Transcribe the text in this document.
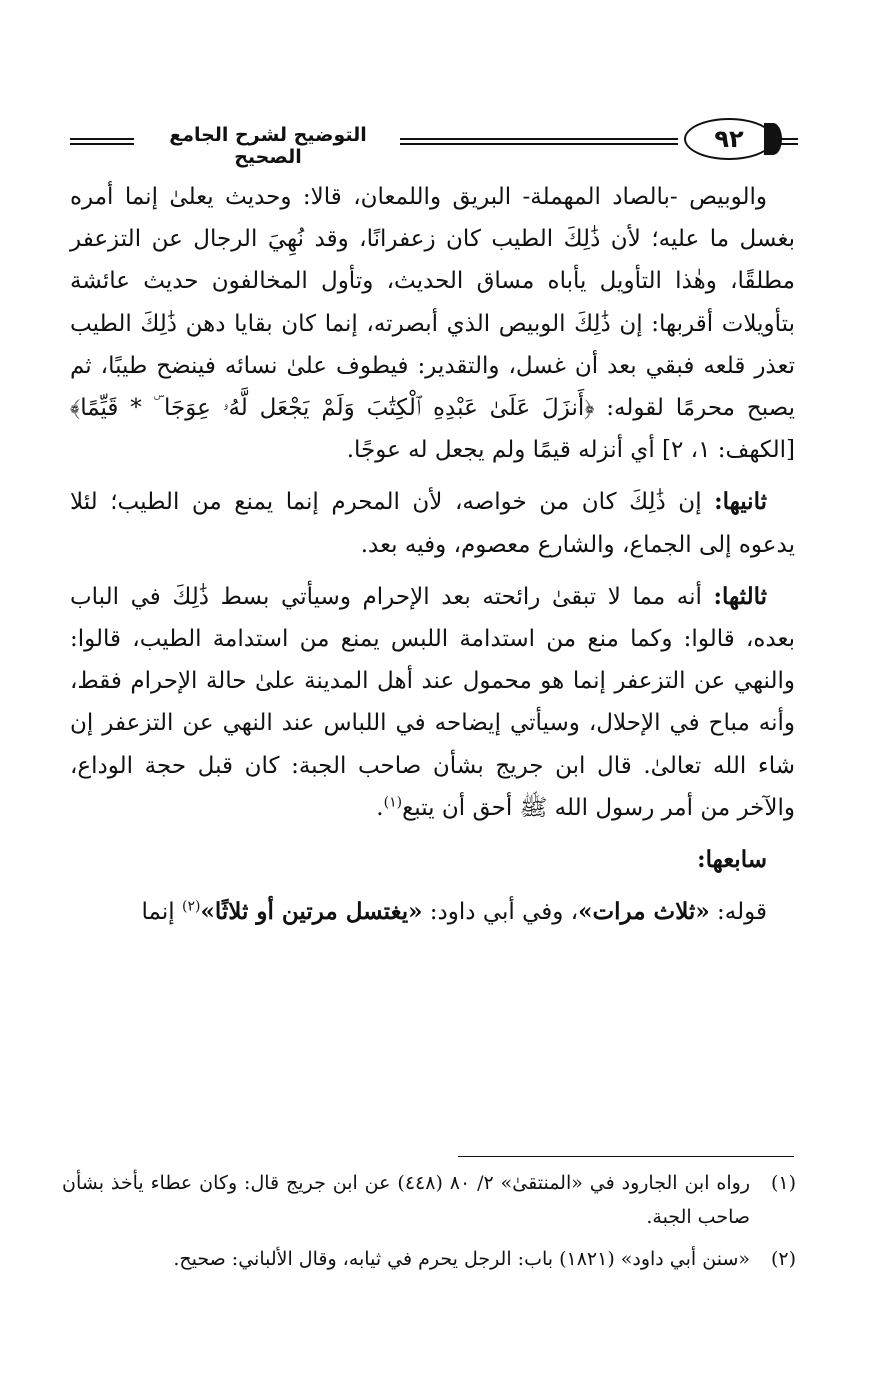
التوضيح لشرح الجامع الصحيح
٩٢

والوبيص -بالصاد المهملة- البريق واللمعان، قالا: وحديث يعلىٰ إنما أمره بغسل ما عليه؛ لأن ذَٰلِكَ الطيب كان زعفرانًا، وقد نُهِيَ الرجال عن التزعفر مطلقًا، وهٰذا التأويل يأباه مساق الحديث، وتأول المخالفون حديث عائشة بتأويلات أقربها: إن ذَٰلِكَ الوبيص الذي أبصرته، إنما كان بقايا دهن ذَٰلِكَ الطيب تعذر قلعه فبقي بعد أن غسل، والتقدير: فيطوف علىٰ نسائه فينضح طيبًا، ثم يصبح محرمًا لقوله: ﴿أَنزَلَ عَلَىٰ عَبْدِهِ ٱلْكِتَٰبَ وَلَمْ يَجْعَل لَّهُۥ عِوَجَا ۜ * قَيِّمًا﴾ [الكهف: ١، ٢] أي أنزله قيمًا ولم يجعل له عوجًا.

ثانيها: إن ذَٰلِكَ كان من خواصه، لأن المحرم إنما يمنع من الطيب؛ لئلا يدعوه إلى الجماع، والشارع معصوم، وفيه بعد.

ثالثها: أنه مما لا تبقىٰ رائحته بعد الإحرام وسيأتي بسط ذَٰلِكَ في الباب بعده، قالوا: وكما منع من استدامة اللبس يمنع من استدامة الطيب، قالوا: والنهي عن التزعفر إنما هو محمول عند أهل المدينة علىٰ حالة الإحرام فقط، وأنه مباح في الإحلال، وسيأتي إيضاحه في اللباس عند النهي عن التزعفر إن شاء الله تعالىٰ. قال ابن جريج بشأن صاحب الجبة: كان قبل حجة الوداع، والآخر من أمر رسول الله ﷺ أحق أن يتبع$^{(١)}$.

سابعها:

قوله: «ثلاث مرات»، وفي أبي داود: «يغتسل مرتين أو ثلاثًا»$^{(٢)}$ إنما

(١)
رواه ابن الجارود في «المنتقىٰ» ٢/ ٨٠ (٤٤٨) عن ابن جريج قال: وكان عطاء يأخذ بشأن صاحب الجبة.
(٢)
«سنن أبي داود» (١٨٢١) باب: الرجل يحرم في ثيابه، وقال الألباني: صحيح.
